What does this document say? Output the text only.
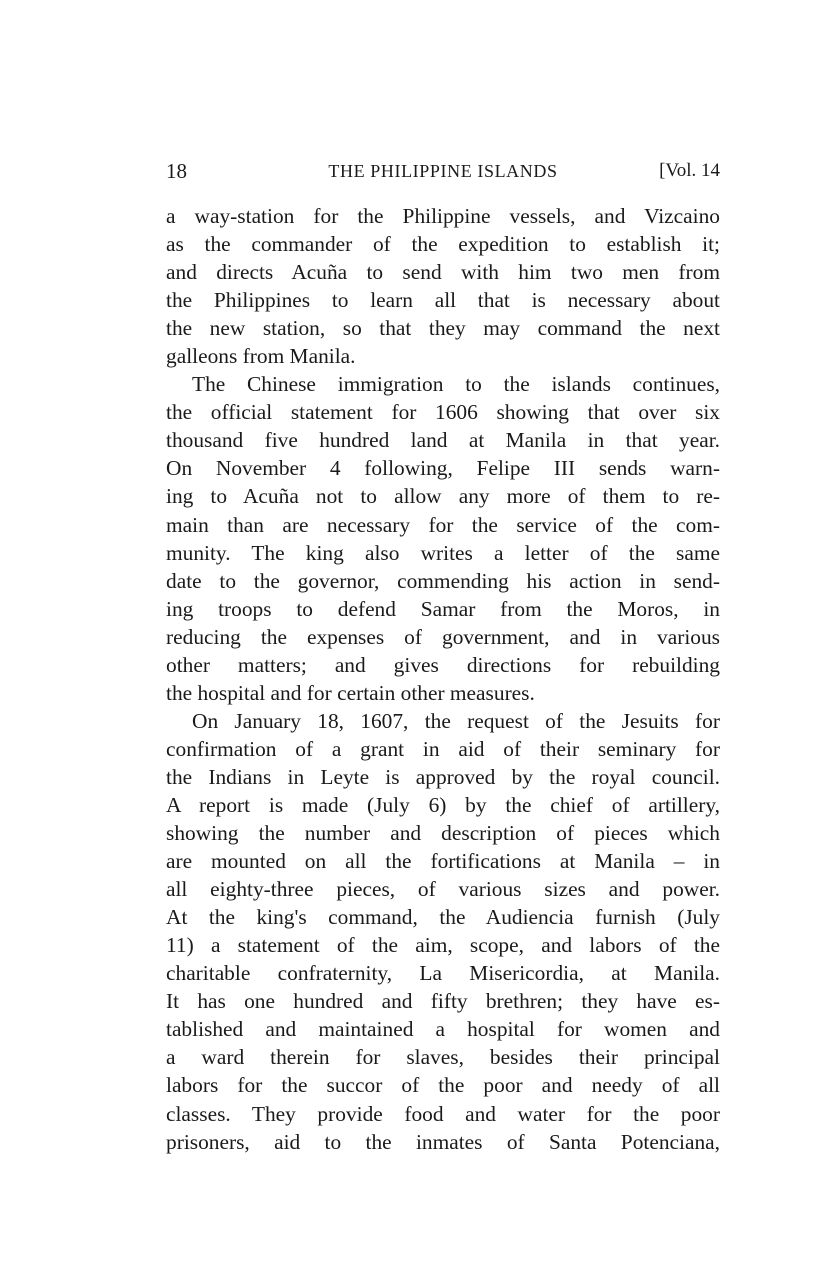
18	THE PHILIPPINE ISLANDS	[Vol. 14
a way-station for the Philippine vessels, and Vizcaino
as the commander of the expedition to establish it;
and directs Acuña to send with him two men from
the Philippines to learn all that is necessary about
the new station, so that they may command the next
galleons from Manila.
The Chinese immigration to the islands continues,
the official statement for 1606 showing that over six
thousand five hundred land at Manila in that year.
On November 4 following, Felipe III sends warn-
ing to Acuña not to allow any more of them to re-
main than are necessary for the service of the com-
munity. The king also writes a letter of the same
date to the governor, commending his action in send-
ing troops to defend Samar from the Moros, in
reducing the expenses of government, and in various
other matters; and gives directions for rebuilding
the hospital and for certain other measures.
On January 18, 1607, the request of the Jesuits for
confirmation of a grant in aid of their seminary for
the Indians in Leyte is approved by the royal council.
A report is made (July 6) by the chief of artillery,
showing the number and description of pieces which
are mounted on all the fortifications at Manila – in
all eighty-three pieces, of various sizes and power.
At the king's command, the Audiencia furnish (July
11) a statement of the aim, scope, and labors of the
charitable confraternity, La Misericordia, at Manila.
It has one hundred and fifty brethren; they have es-
tablished and maintained a hospital for women and
a ward therein for slaves, besides their principal
labors for the succor of the poor and needy of all
classes. They provide food and water for the poor
prisoners, aid to the inmates of Santa Potenciana,
